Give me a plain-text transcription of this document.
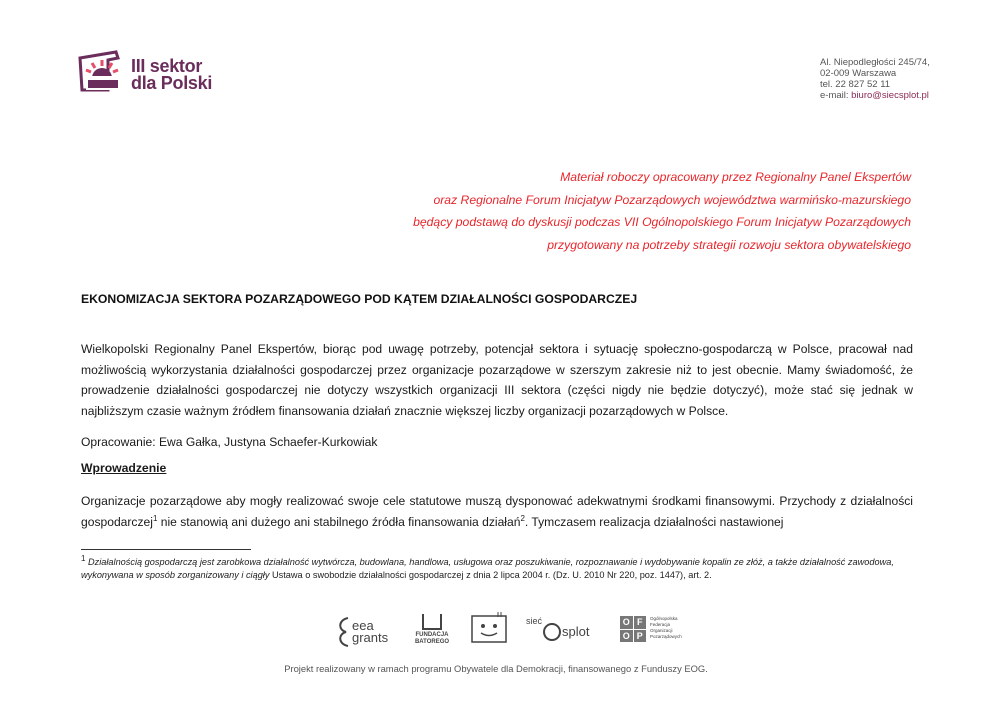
III sektor
dla Polski
Al. Niepodległości 245/74,
02-009 Warszawa
tel. 22 827 52 11
e-mail: biuro@siecsplot.pl
Materiał roboczy opracowany przez Regionalny Panel Ekspertów
oraz Regionalne Forum Inicjatyw Pozarządowych województwa warmińsko-mazurskiego
będący podstawą do dyskusji podczas VII Ogólnopolskiego Forum Inicjatyw Pozarządowych
przygotowany na potrzeby strategii rozwoju sektora obywatelskiego
EKONOMIZACJA SEKTORA POZARZĄDOWEGO POD KĄTEM DZIAŁALNOŚCI GOSPODARCZEJ
Wielkopolski Regionalny Panel Ekspertów, biorąc pod uwagę potrzeby, potencjał sektora i sytuację społeczno-gospodarczą w Polsce, pracował nad możliwością wykorzystania działalności gospodarczej przez organizacje pozarządowe w szerszym zakresie niż to jest obecnie. Mamy świadomość, że prowadzenie działalności gospodarczej nie dotyczy wszystkich organizacji III sektora (części nigdy nie będzie dotyczyć), może stać się jednak w najbliższym czasie ważnym źródłem finansowania działań znacznie większej liczby organizacji pozarządowych w Polsce.
Opracowanie: Ewa Gałka, Justyna Schaefer-Kurkowiak
Wprowadzenie
Organizacje pozarządowe aby mogły realizować swoje cele statutowe muszą dysponować adekwatnymi środkami finansowymi. Przychody z działalności gospodarczej$^1$ nie stanowią ani dużego ani stabilnego źródła finansowania działań$^2$. Tymczasem realizacja działalności nastawionej
$^1$ Działalnością gospodarczą jest zarobkowa działalność wytwórcza, budowlana, handlowa, usługowa oraz poszukiwanie, rozpoznawanie i wydobywanie kopalin ze złóż, a także działalność zawodowa, wykonywana w sposób zorganizowany i ciągły Ustawa o swobodzie działalności gospodarczej z dnia 2 lipca 2004 r. (Dz. U. 2010 Nr 220, poz. 1447), art. 2.
eea
grants	FUNDACJA
BATOREGO
sieć
splot
O F
O P
Ogólnopolska
Federacja
Organizacji
Pozarządowych
Projekt realizowany w ramach programu Obywatele dla Demokracji, finansowanego z Funduszy EOG.
